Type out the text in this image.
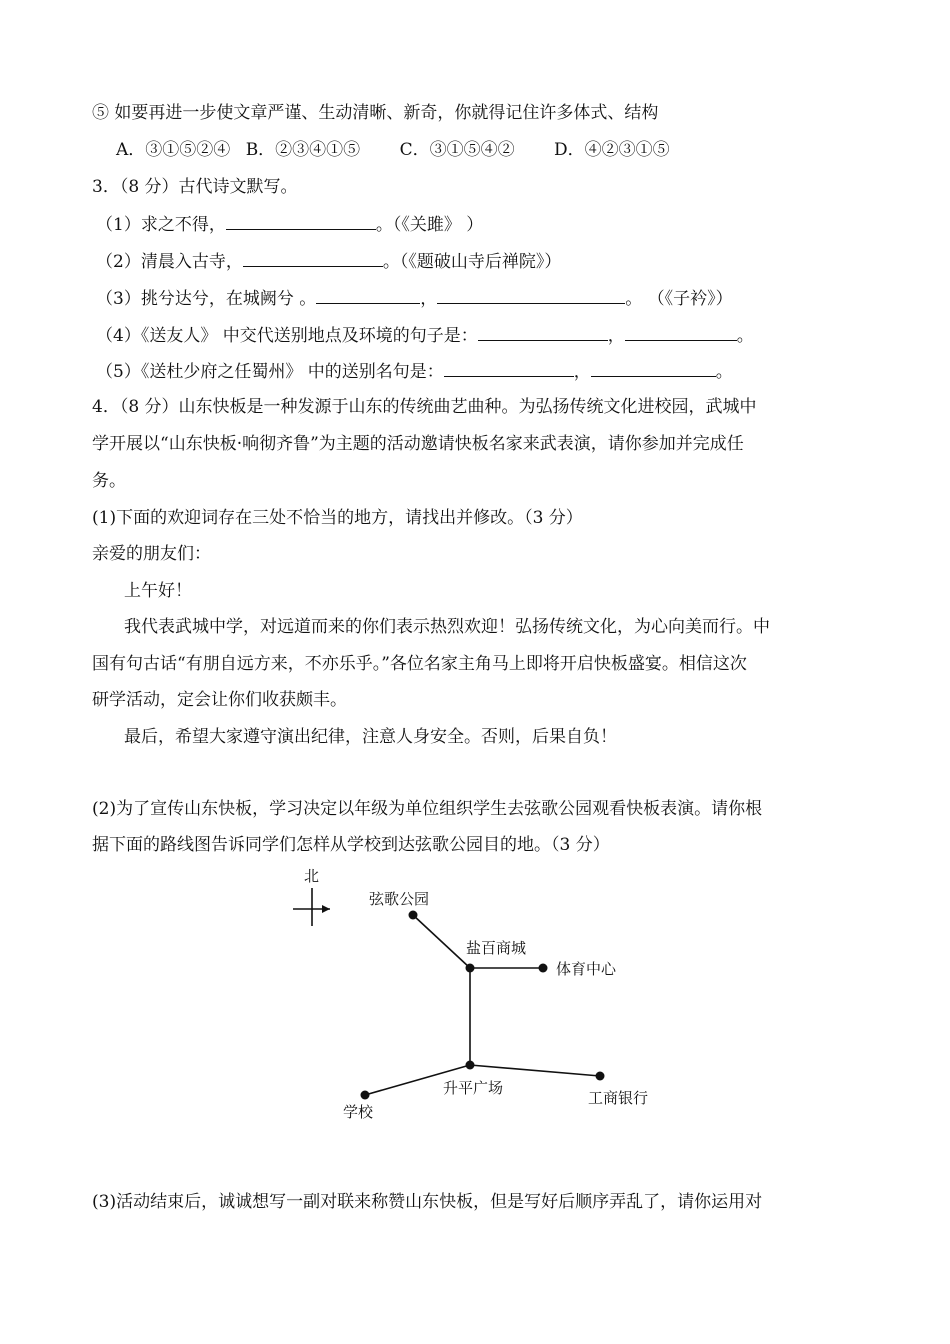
⑤ 如要再进一步使文章严谨、生动清晰、新奇，你就得记住许多体式、结构
A．③①⑤②④ B．②③④①⑤ C．③①⑤④② D．④②③①⑤
3．（8 分）古代诗文默写。
（1）求之不得，	。（《关雎》 ）
（2）清晨入古寺，	。（《题破山寺后禅院》）
（3）挑兮达兮，在城阙兮 。	，	。 （《子衿》）
（4）《送友人》 中交代送别地点及环境的句子是：	，	。
（5）《送杜少府之任蜀州》 中的送别名句是：	，	。
4．（8 分）山东快板是一种发源于山东的传统曲艺曲种。为弘扬传统文化进校园，武城中
学开展以“山东快板·响彻齐鲁”为主题的活动邀请快板名家来武表演，请你参加并完成任
务。
(1)下面的欢迎词存在三处不恰当的地方，请找出并修改。（3 分）
亲爱的朋友们：
上午好！
我代表武城中学，对远道而来的你们表示热烈欢迎！弘扬传统文化，为心向美而行。中
国有句古话“有朋自远方来，不亦乐乎。”各位名家主角马上即将开启快板盛宴。相信这次
研学活动，定会让你们收获颇丰。
最后，希望大家遵守演出纪律，注意人身安全。否则，后果自负！
(2)为了宣传山东快板，学习决定以年级为单位组织学生去弦歌公园观看快板表演。请你根
据下面的路线图告诉同学们怎样从学校到达弦歌公园目的地。（3 分）
北
弦歌公园
盐百商城
体育中心
升平广场
学校
工商银行
(3)活动结束后，诚诚想写一副对联来称赞山东快板，但是写好后顺序弄乱了，请你运用对
